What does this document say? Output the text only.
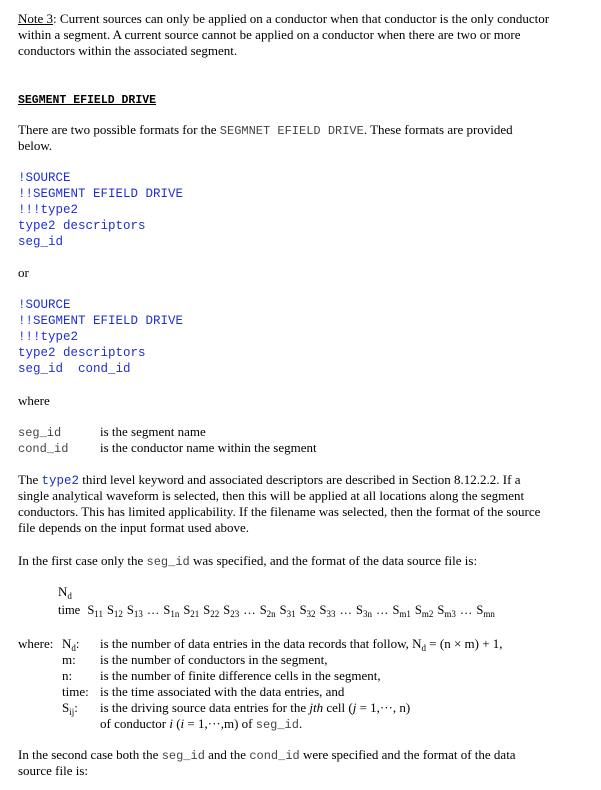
Note 3: Current sources can only be applied on a conductor when that conductor is the only conductor
within a segment. A current source cannot be applied on a conductor when there are two or more
conductors within the associated segment.
SEGMENT EFIELD DRIVE
There are two possible formats for the SEGMNET EFIELD DRIVE. These formats are provided
below.
!SOURCE
!!SEGMENT EFIELD DRIVE
!!!type2
type2 descriptors
seg_id
or
!SOURCE
!!SEGMENT EFIELD DRIVE
!!!type2
type2 descriptors
seg_id cond_id
where
seg_id	is the segment name
cond_id is the conductor name within the segment
The type2 third level keyword and associated descriptors are described in Section 8.12.2.2. If a
single analytical waveform is selected, then this will be applied at all locations along the segment
conductors. This has limited applicability. If the filename was selected, then the format of the source
file depends on the input format used above.
In the first case only the seg_id was specified, and the format of the data source file is:
$N_d$
time $S_{11}$ $S_{12}$ $S_{13}$ … $S_{1n}$ $S_{21}$ $S_{22}$ $S_{23}$ … $S_{2n}$ $S_{31}$ $S_{32}$ $S_{33}$ … $S_{3n}$ … $S_{m1}$ $S_{m2}$ $S_{m3}$ … $S_{mn}$
where: $N_d$: is the number of data entries in the data records that follow, $N_d = (n \times m) + 1$,
m: is the number of conductors in the segment,
n: is the number of finite difference cells in the segment,
time: is the time associated with the data entries, and
$S_{ij}$: is the driving source data entries for the jth cell (j = 1,···, n)
of conductor i (i = 1,···,m) of seg_id.
In the second case both the seg_id and the cond_id were specified and the format of the data
source file is:
